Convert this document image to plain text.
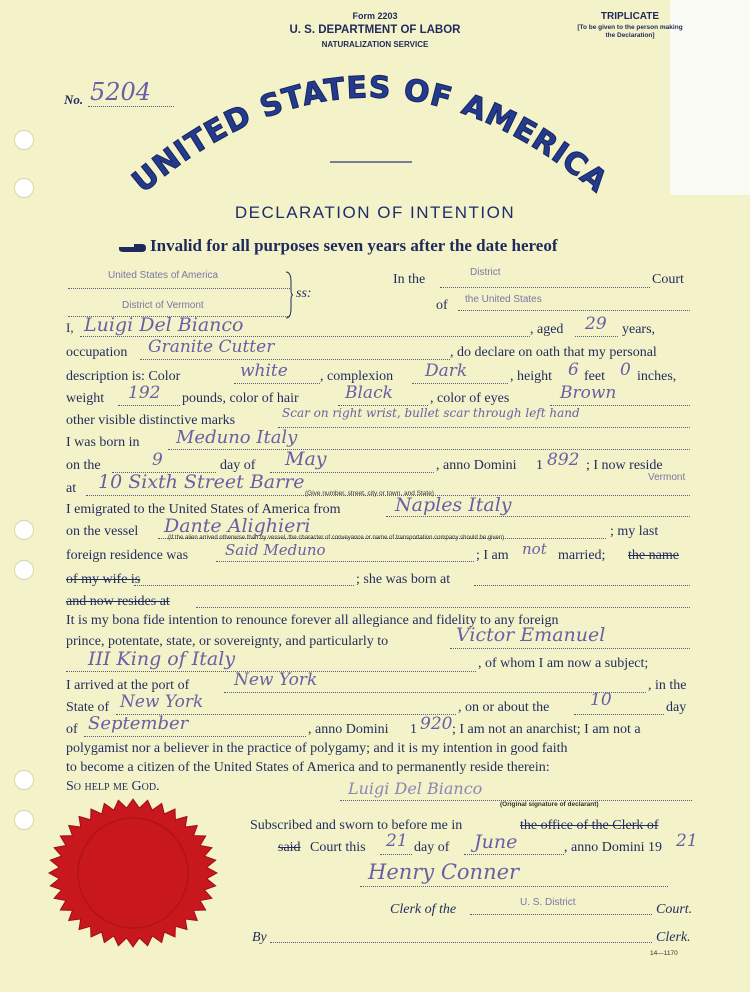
Form 2203
U. S. DEPARTMENT OF LABOR
NATURALIZATION SERVICE
TRIPLICATE
[To be given to the person making
the Declaration]
No. 5204
UNITED STATES OF AMERICA
DECLARATION OF INTENTION
Invalid for all purposes seven years after the date hereof
United States of America
District of Vermont
ss:
In the	District	Court
of the United States
I, Luigi Del Bianco	, aged 29 years,
occupation Granite Cutter	, do declare on oath that my personal
description is: Color	white , complexion Dark	, height 6 feet 0 inches,
weight 192 pounds, color of hair	Black	, color of eyes	Brown
other visible distinctive marks	Scar on right wrist, bullet scar through left hand
I was born in Meduno Italy
on the	9	day of May	, anno Domini 1 892 ; I now reside
at 10 Sixth Street Barre	Vermont
(Give number, street, city or town, and State)
I emigrated to the United States of America from	Naples Italy
on the vessel Dante Alighieri	; my last
(If the alien arrived otherwise than by vessel, the character of conveyance or name of transportation company should be given)
foreign residence was Said Meduno	; I am not married; the name
of my wife is	; she was born at
and now resides at
It is my bona fide intention to renounce forever all allegiance and fidelity to any foreign
prince, potentate, state, or sovereignty, and particularly to	Victor Emanuel
III King of Italy	, of whom I am now a subject;
I arrived at the port of	New York	, in the
State of New York	, on or about the 10	day
of September	, anno Domini 1 920 ; I am not an anarchist; I am not a
polygamist nor a believer in the practice of polygamy; and it is my intention in good faith
to become a citizen of the United States of America and to permanently reside therein:
So help me God.	Luigi Del Bianco
(Original signature of declarant)
Subscribed and sworn to before me in	the office of the Clerk of
said Court this 21 day of June	, anno Domini 19 21
Henry Conner
Clerk of the	U. S. District	Court.
By	Clerk.
14—1170
